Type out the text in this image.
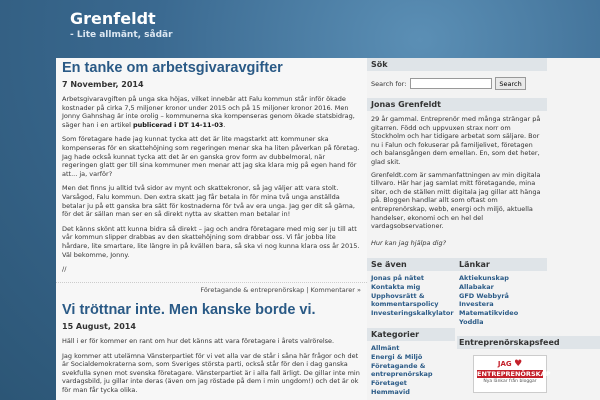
Grenfeldt
- Lite allmänt, sådär
En tanke om arbetsgivaravgifter
7 November, 2014

Arbetsgivaravgiften på unga ska höjas, vilket innebär att Falu kommun står inför ökade kostnader på cirka 7,5 miljoner kronor under 2015 och på 15 miljoner kronor 2016. Men Jonny Gahnshag är inte orolig – kommunerna ska kompenseras genom ökade statsbidrag, säger han i en artikel publicerad i DT 14-11-03.

Som företagare hade jag kunnat tycka att det är lite magstarkt att kommuner ska kompenseras för en skattehöjning som regeringen menar ska ha liten påverkan på företag. Jag hade också kunnat tycka att det är en ganska grov form av dubbelmoral, när regeringen glatt ger till sina kommuner men menar att jag ska klara mig på egen hand för att... ja, varför?

Men det finns ju alltid två sidor av mynt och skattekronor, så jag väljer att vara stolt. Varsågod, Falu kommun. Den extra skatt jag får betala in för mina två unga anställda betalar ju på ett ganska bra sätt för kostnaderna för två av era unga. Jag ger dit så gärna, för det är sällan man ser en så direkt nytta av skatten man betalar in!

Det känns skönt att kunna bidra så direkt – jag och andra företagare med mig ser ju till att vår kommun slipper drabbas av den skattehöjning som drabbar oss. Vi får jobba lite hårdare, lite smartare, lite längre in på kvällen bara, så ska vi nog kunna klara oss år 2015. Väl bekomme, Jonny.

//

Företagande & entreprenörskap | Kommentarer »
Vi tröttnar inte. Men kanske borde vi.
15 August, 2014

Häll i er för kommer en rant om hur det känns att vara företagare i årets valrörelse.

Jag kommer att utelämna Vänsterpartiet för vi vet alla var de står i såna här frågor och det är Socialdemokraterna som, som Sveriges största parti, också står för den i dag ganska svekfulla synen mot svenska företagare. Vänsterpartiet är i alla fall ärligt. De gillar inte min vardagsbild, ju gillar inte deras (även om jag röstade på dem i min ungdom!) och det är ok för man får tycka olika.

Sök
Search for:	Search
Jonas Grenfeldt

29 år gammal. Entreprenör med många strängar på gitarren. Född och uppvuxen strax norr om Stockholm och har tidigare arbetat som säljare. Bor nu i Falun och fokuserar på familjelivet, företagen och balansgången dem emellan. En, som det heter, glad skit.

Grenfeldt.com är sammanfattningen av min digitala tillvaro. Här har jag samlat mitt företagande, mina siter, och de ställen mitt digitala jag gillar att hänga på. Bloggen handlar allt som oftast om entreprenörskap, webb, energi och miljö, aktuella handelser, ekonomi och en hel del vardagsobservationer.

Hur kan jag hjälpa dig?

Se även
Jonas på nätet
Kontakta mig
Upphovsrätt & kommentarspolicy
Investeringskalkylator
Länkar
Aktiekunskap
Allabakar
GFD Webbyrå
Investera
Matematikvideo
Yoddla
Kategorier
Allmänt
Energi & Miljö
Företagande & entreprenörskap
Företaget
Hemmavid
Entreprenörskapsfeed
JAG ♥
ENTREPRENÖRSKAP
Nya länkar från bloggar
